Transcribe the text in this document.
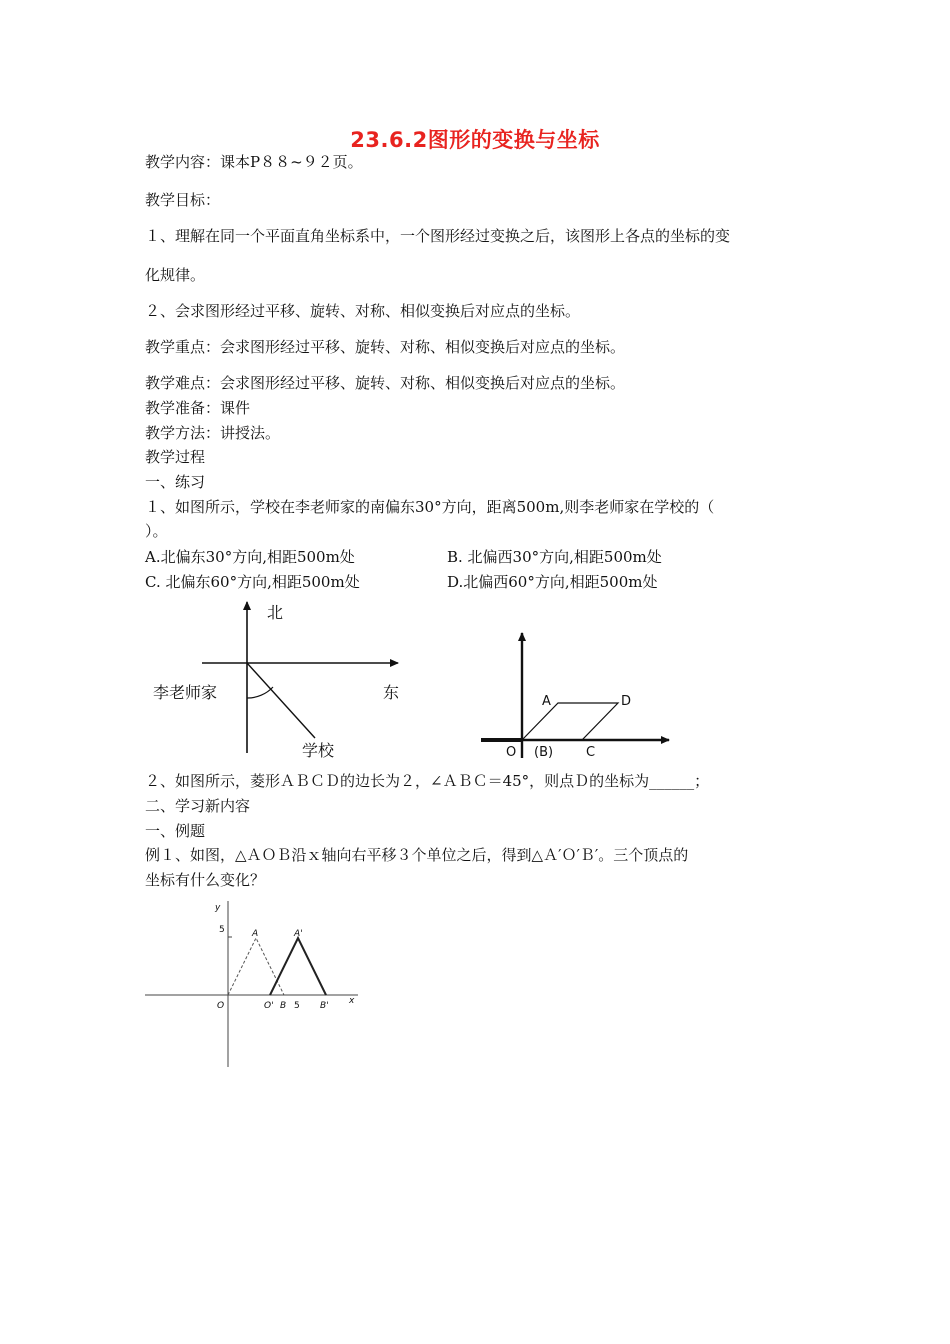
23.6.2图形的变换与坐标
教学内容：课本P８８~９２页。
教学目标：
１、理解在同一个平面直角坐标系中，一个图形经过变换之后，该图形上各点的坐标的变
化规律。
２、会求图形经过平移、旋转、对称、相似变换后对应点的坐标。
教学重点：会求图形经过平移、旋转、对称、相似变换后对应点的坐标。
教学难点：会求图形经过平移、旋转、对称、相似变换后对应点的坐标。
教学准备：课件
教学方法：讲授法。
教学过程
一、练习
１、如图所示，学校在李老师家的南偏东30°方向，距离500m,则李老师家在学校的（
）。
A.北偏东30°方向,相距500m处	B. 北偏西30°方向,相距500m处
C. 北偏东60°方向,相距500m处	D.北偏西60°方向,相距500m处
北
东
李老师家
学校
A	D
O (B)	C
２、如图所示，菱形ＡＢＣＤ的边长为２，∠ＡＢＣ＝45°，则点Ｄ的坐标为______；
二、学习新内容
一、例题
例１、如图，△ＡＯＢ沿ｘ轴向右平移３个单位之后，得到△Ａ′Ｏ′Ｂ′。三个顶点的
坐标有什么变化？
y
x
5	A	A'
O	O' B 5 B'
